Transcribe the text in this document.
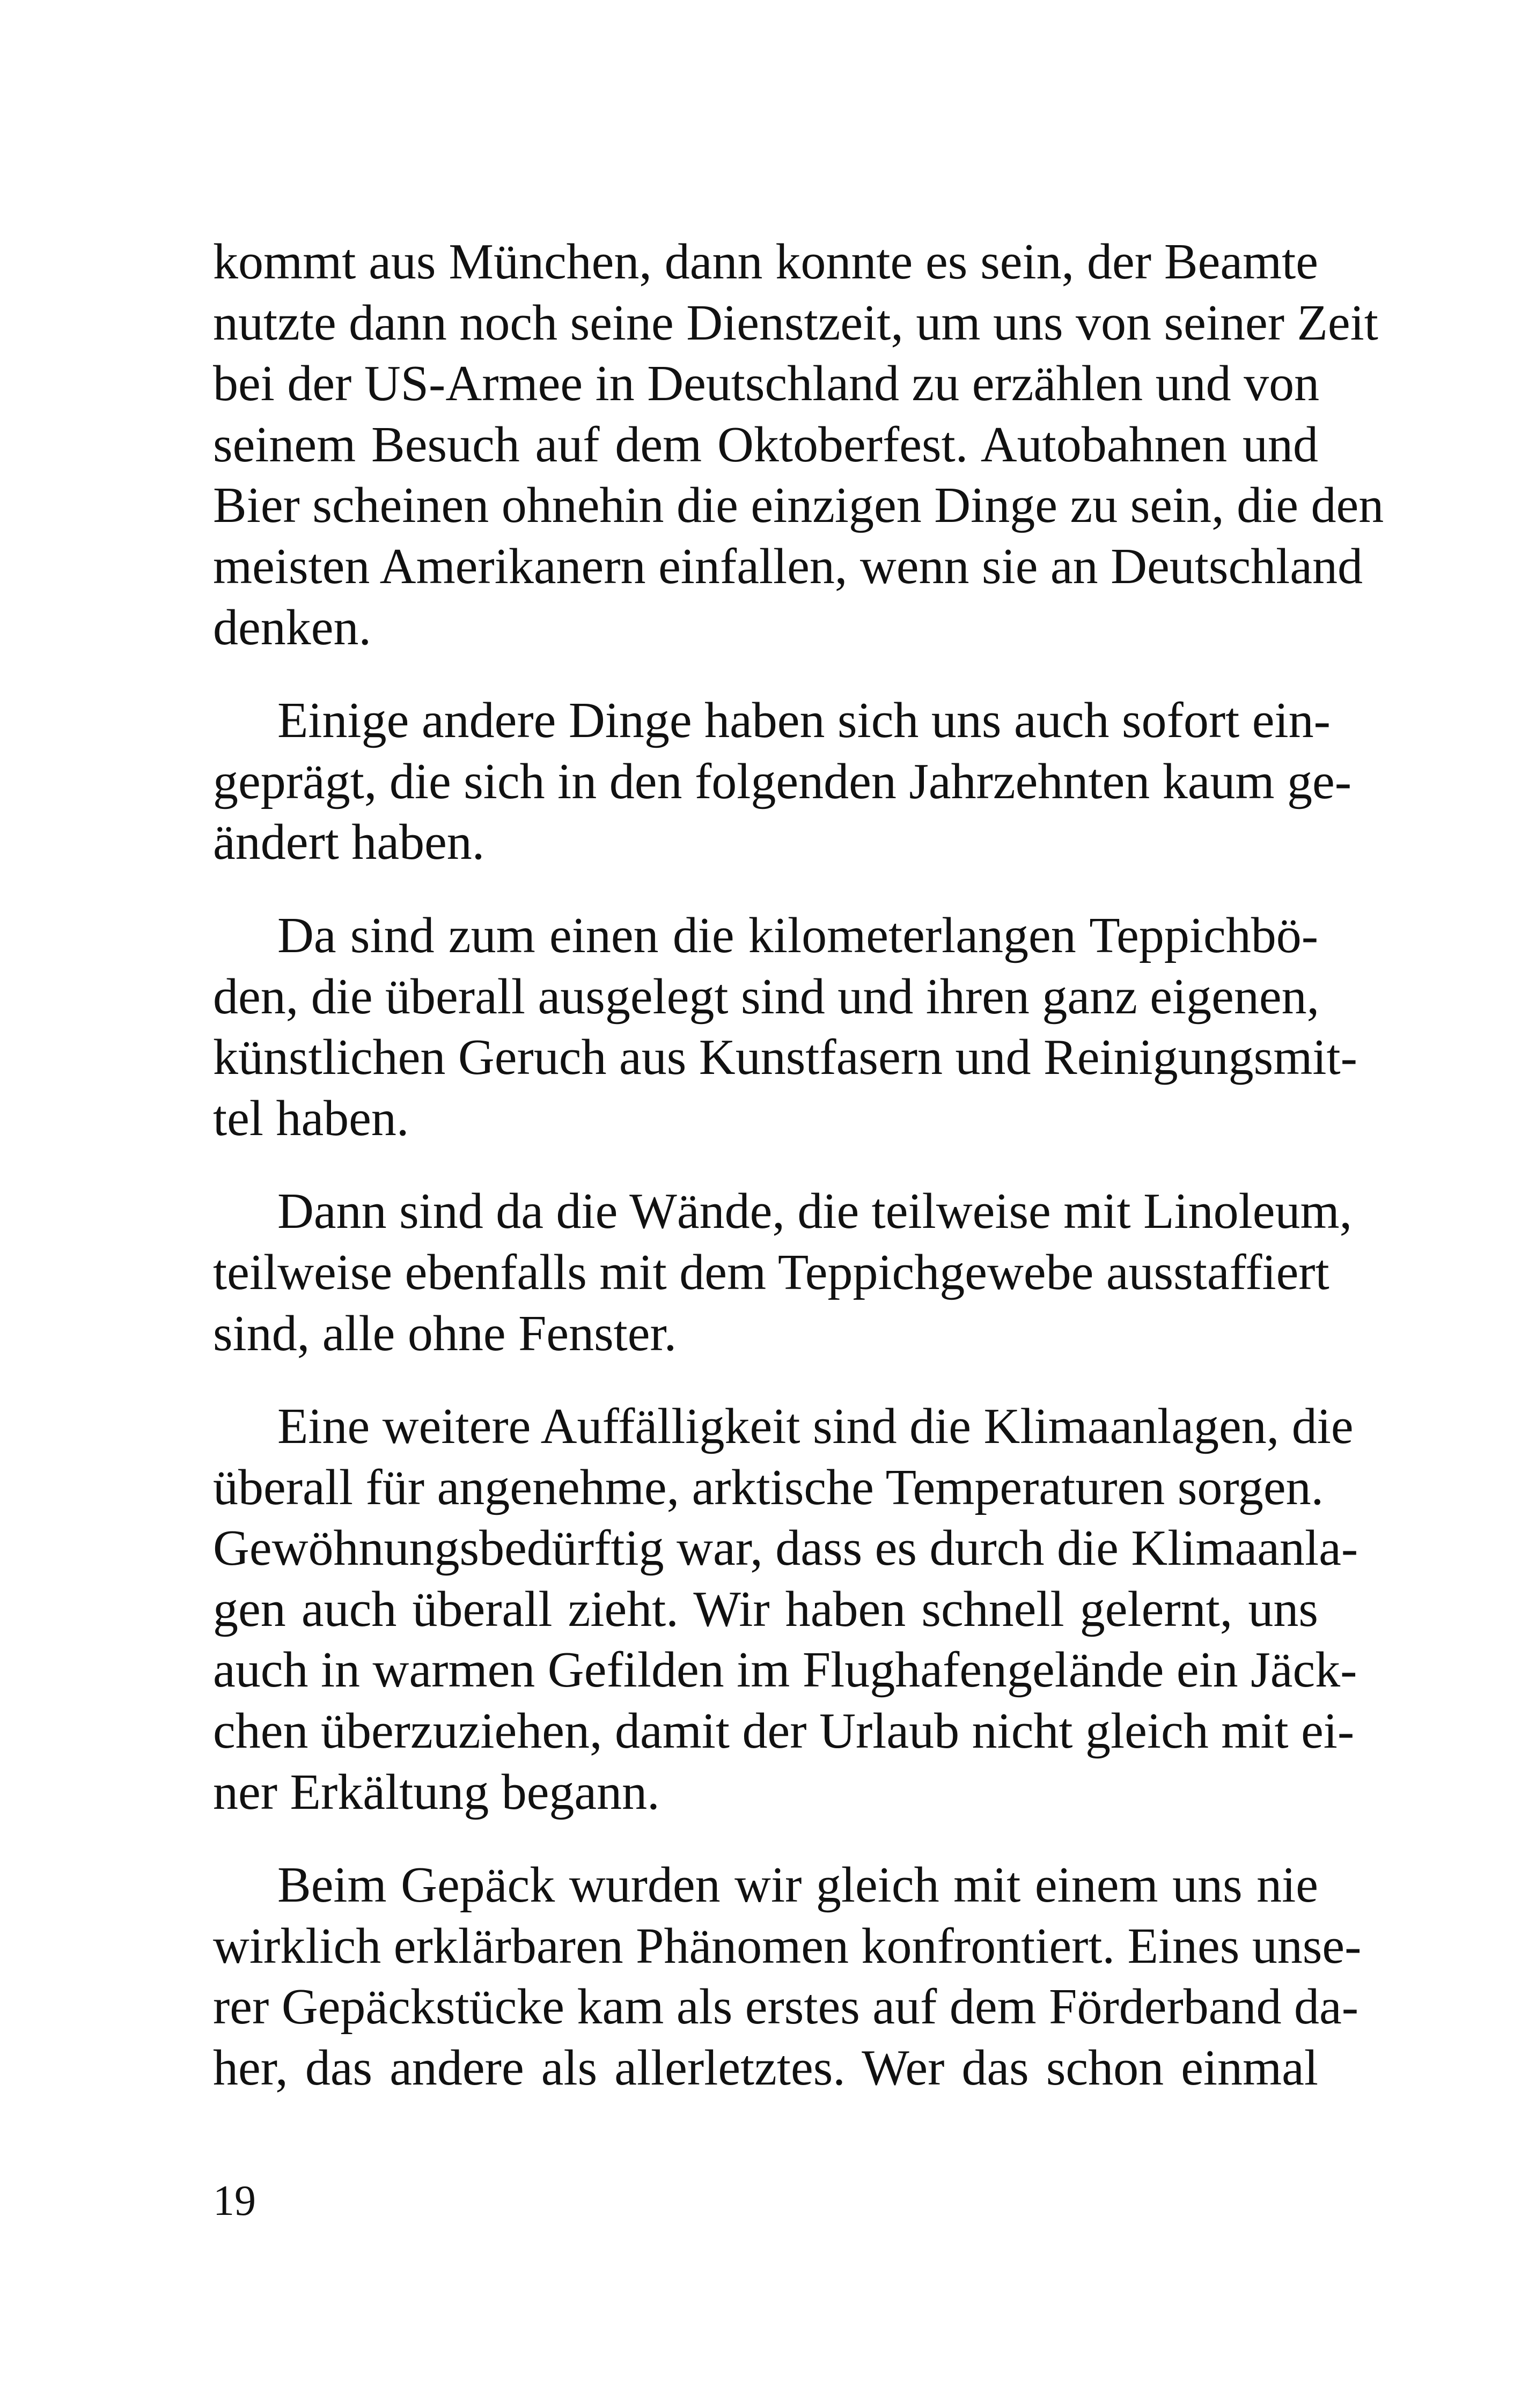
kommt aus München, dann konnte es sein, der Beamte
nutzte dann noch seine Dienstzeit, um uns von seiner Zeit
bei der US-Armee in Deutschland zu erzählen und von
seinem Besuch auf dem Oktoberfest. Autobahnen und
Bier scheinen ohnehin die einzigen Dinge zu sein, die den
meisten Amerikanern einfallen, wenn sie an Deutschland
denken.

Einige andere Dinge haben sich uns auch sofort ein-
geprägt, die sich in den folgenden Jahrzehnten kaum ge-
ändert haben.

Da sind zum einen die kilometerlangen Teppichbö-
den, die überall ausgelegt sind und ihren ganz eigenen,
künstlichen Geruch aus Kunstfasern und Reinigungsmit-
tel haben.

Dann sind da die Wände, die teilweise mit Linoleum,
teilweise ebenfalls mit dem Teppichgewebe ausstaffiert
sind, alle ohne Fenster.

Eine weitere Auffälligkeit sind die Klimaanlagen, die
überall für angenehme, arktische Temperaturen sorgen.
Gewöhnungsbedürftig war, dass es durch die Klimaanla-
gen auch überall zieht. Wir haben schnell gelernt, uns
auch in warmen Gefilden im Flughafengelände ein Jäck-
chen überzuziehen, damit der Urlaub nicht gleich mit ei-
ner Erkältung begann.

Beim Gepäck wurden wir gleich mit einem uns nie
wirklich erklärbaren Phänomen konfrontiert. Eines unse-
rer Gepäckstücke kam als erstes auf dem Förderband da-
her, das andere als allerletztes. Wer das schon einmal

19
